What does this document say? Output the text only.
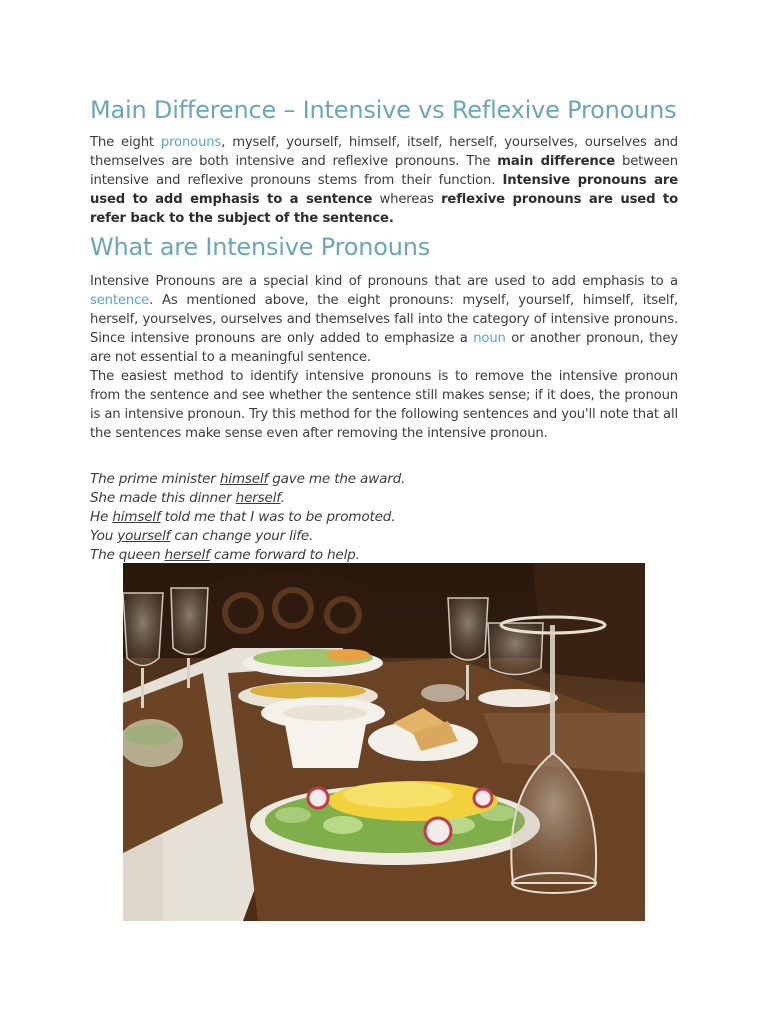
Main Difference – Intensive vs Reflexive Pronouns

The eight pronouns, myself, yourself, himself, itself, herself, yourselves, ourselves and themselves are both intensive and reflexive pronouns. The main difference between intensive and reflexive pronouns stems from their function. Intensive pronouns are used to add emphasis to a sentence whereas reflexive pronouns are used to refer back to the subject of the sentence.

What are Intensive Pronouns

Intensive Pronouns are a special kind of pronouns that are used to add emphasis to a sentence. As mentioned above, the eight pronouns: myself, yourself, himself, itself, herself, yourselves, ourselves and themselves fall into the category of intensive pronouns. Since intensive pronouns are only added to emphasize a noun or another pronoun, they are not essential to a meaningful sentence.

The easiest method to identify intensive pronouns is to remove the intensive pronoun from the sentence and see whether the sentence still makes sense; if it does, the pronoun is an intensive pronoun. Try this method for the following sentences and you'll note that all the sentences make sense even after removing the intensive pronoun.

The prime minister himself gave me the award.
She made this dinner herself.
He himself told me that I was to be promoted.
You yourself can change your life.
The queen herself came forward to help.
